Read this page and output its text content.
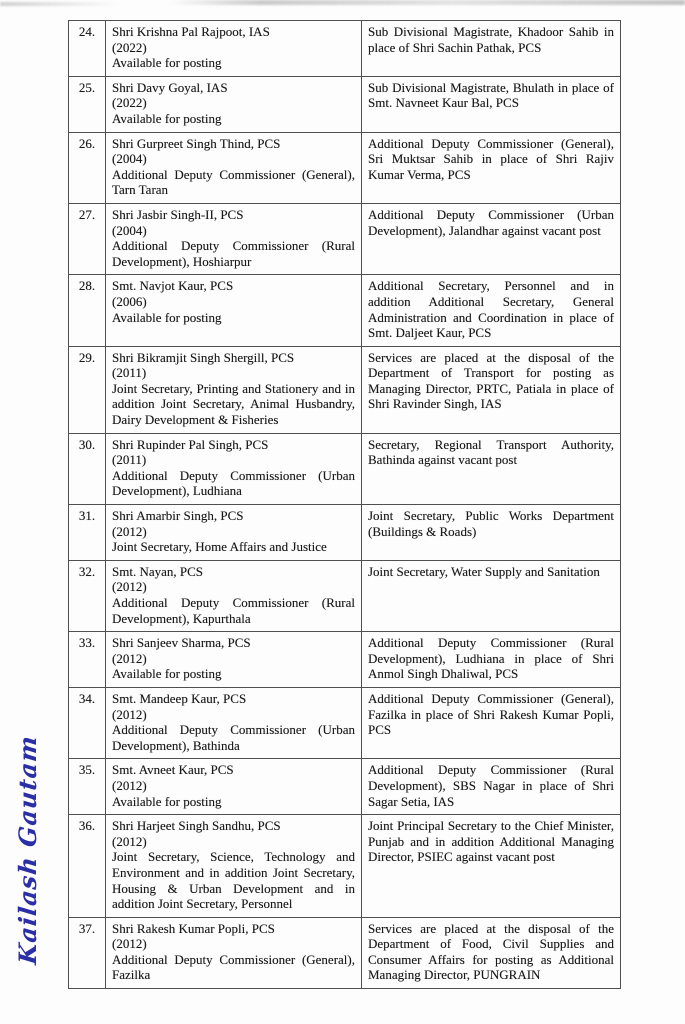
24.	Shri Krishna Pal Rajpoot, IAS
(2022)
Available for posting	Sub Divisional Magistrate, Khadoor Sahib in place of Shri Sachin Pathak, PCS

25.	Shri Davy Goyal, IAS
(2022)
Available for posting	Sub Divisional Magistrate, Bhulath in place of Smt. Navneet Kaur Bal, PCS

26.	Shri Gurpreet Singh Thind, PCS
(2004)
Additional Deputy Commissioner (General), Tarn Taran	Additional Deputy Commissioner (General), Sri Muktsar Sahib in place of Shri Rajiv Kumar Verma, PCS

27.	Shri Jasbir Singh-II, PCS
(2004)
Additional Deputy Commissioner (Rural Development), Hoshiarpur	Additional Deputy Commissioner (Urban Development), Jalandhar against vacant post

28.	Smt. Navjot Kaur, PCS
(2006)
Available for posting	Additional Secretary, Personnel and in addition Additional Secretary, General Administration and Coordination in place of Smt. Daljeet Kaur, PCS

29.	Shri Bikramjit Singh Shergill, PCS
(2011)
Joint Secretary, Printing and Stationery and in addition Joint Secretary, Animal Husbandry, Dairy Development & Fisheries	Services are placed at the disposal of the Department of Transport for posting as Managing Director, PRTC, Patiala in place of Shri Ravinder Singh, IAS

30.	Shri Rupinder Pal Singh, PCS
(2011)
Additional Deputy Commissioner (Urban Development), Ludhiana	Secretary, Regional Transport Authority, Bathinda against vacant post

31.	Shri Amarbir Singh, PCS
(2012)
Joint Secretary, Home Affairs and Justice	Joint Secretary, Public Works Department (Buildings & Roads)

32.	Smt. Nayan, PCS
(2012)
Additional Deputy Commissioner (Rural Development), Kapurthala	Joint Secretary, Water Supply and Sanitation

33.	Shri Sanjeev Sharma, PCS
(2012)
Available for posting	Additional Deputy Commissioner (Rural Development), Ludhiana in place of Shri Anmol Singh Dhaliwal, PCS

34.	Smt. Mandeep Kaur, PCS
(2012)
Additional Deputy Commissioner (Urban Development), Bathinda	Additional Deputy Commissioner (General), Fazilka in place of Shri Rakesh Kumar Popli, PCS

35.	Smt. Avneet Kaur, PCS
(2012)
Available for posting	Additional Deputy Commissioner (Rural Development), SBS Nagar in place of Shri Sagar Setia, IAS

36.	Shri Harjeet Singh Sandhu, PCS
(2012)
Joint Secretary, Science, Technology and Environment and in addition Joint Secretary, Housing & Urban Development and in addition Joint Secretary, Personnel	Joint Principal Secretary to the Chief Minister, Punjab and in addition Additional Managing Director, PSIEC against vacant post

37.	Shri Rakesh Kumar Popli, PCS
(2012)
Additional Deputy Commissioner (General), Fazilka	Services are placed at the disposal of the Department of Food, Civil Supplies and Consumer Affairs for posting as Additional Managing Director, PUNGRAIN
Kailash Gautam
